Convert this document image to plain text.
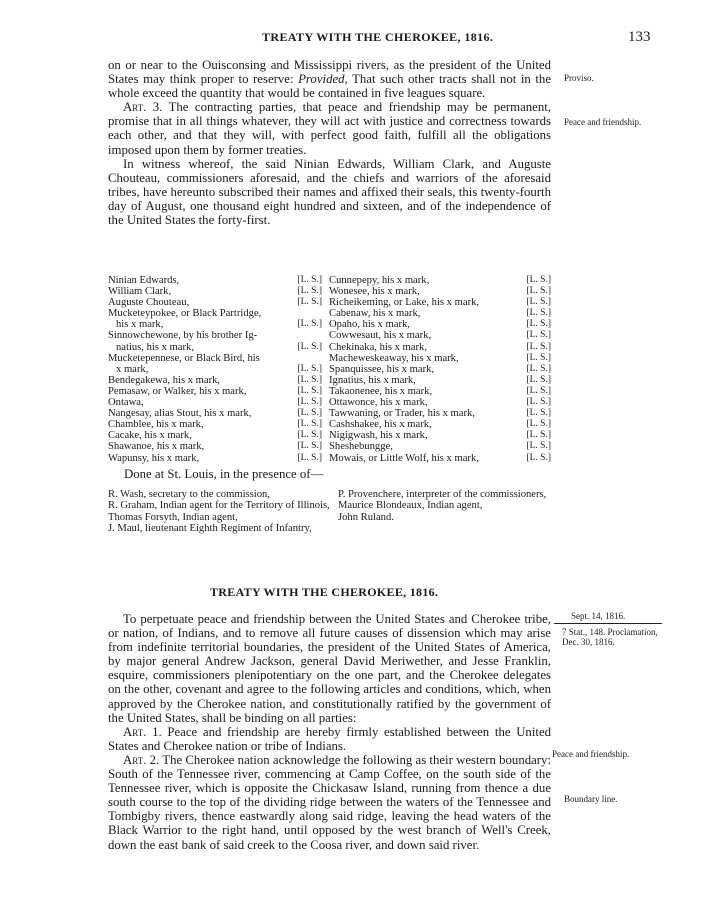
TREATY WITH THE CHEROKEE, 1816.	133

on or near to the Ouisconsing and Mississippi rivers, as the president of the United States may think proper to reserve: Provided, That such other tracts shall not in the whole exceed the quantity that would be contained in five leagues square.

Art. 3. The contracting parties, that peace and friendship may be permanent, promise that in all things whatever, they will act with justice and correctness towards each other, and that they will, with perfect good faith, fulfill all the obligations imposed upon them by former treaties.

In witness whereof, the said Ninian Edwards, William Clark, and Auguste Chouteau, commissioners aforesaid, and the chiefs and warriors of the aforesaid tribes, have hereunto subscribed their names and affixed their seals, this twenty-fourth day of August, one thousand eight hundred and sixteen, and of the independence of the United States the forty-first.

Proviso.
Peace and friendship.
Ninian Edwards,	[L. S.]
William Clark,	[L. S.]
Auguste Chouteau,	[L. S.]
Mucketeypokee, or Black Partridge,
his x mark,	[L. S.]
Sinnowchewone, by his brother Ig-
natius, his x mark,	[L. S.]
Mucketepennese, or Black Bird, his
x mark,	[L. S.]
Bendegakewa, his x mark,	[L. S.]
Pemasaw, or Walker, his x mark,	[L. S.]
Ontawa,	[L. S.]
Nangesay, alias Stout, his x mark,	[L. S.]
Chamblee, his x mark,	[L. S.]
Cacake, his x mark,	[L. S.]
Shawanoe, his x mark,	[L. S.]
Wapunsy, his x mark,	[L. S.]
Cunnepepy, his x mark,	[L. S.]
Wonesee, his x mark,	[L. S.]
Richeikeming, or Lake, his x mark,	[L. S.]
Cabenaw, his x mark,	[L. S.]
Opaho, his x mark,	[L. S.]
Cowwesaut, his x mark,	[L. S.]
Chekinaka, his x mark,	[L. S.]
Macheweskeaway, his x mark,	[L. S.]
Spanquissee, his x mark,	[L. S.]
Ignatius, his x mark,	[L. S.]
Takaonenee, his x mark,	[L. S.]
Ottawonce, his x mark,	[L. S.]
Tawwaning, or Trader, his x mark,	[L. S.]
Cashshakee, his x mark,	[L. S.]
Nigigwash, his x mark,	[L. S.]
Sheshebungge,	[L. S.]
Mowais, or Little Wolf, his x mark,	[L. S.]
Done at St. Louis, in the presence of—
R. Wash, secretary to the commission,
R. Graham, Indian agent for the Territory of Illinois,
Thomas Forsyth, Indian agent,
J. Maul, lieutenant Eighth Regiment of Infantry,
P. Provenchere, interpreter of the commissioners,
Maurice Blondeaux, Indian agent,
John Ruland.
TREATY WITH THE CHEROKEE, 1816.
Sept. 14, 1816.
7 Stat., 148. Proclamation, Dec. 30, 1816.

To perpetuate peace and friendship between the United States and Cherokee tribe, or nation, of Indians, and to remove all future causes of dissension which may arise from indefinite territorial boundaries, the president of the United States of America, by major general Andrew Jackson, general David Meriwether, and Jesse Franklin, esquire, commissioners plenipotentiary on the one part, and the Cherokee delegates on the other, covenant and agree to the following articles and conditions, which, when approved by the Cherokee nation, and constitutionally ratified by the government of the United States, shall be binding on all parties:

Art. 1. Peace and friendship are hereby firmly established between the United States and Cherokee nation or tribe of Indians.

Art. 2. The Cherokee nation acknowledge the following as their western boundary: South of the Tennessee river, commencing at Camp Coffee, on the south side of the Tennessee river, which is opposite the Chickasaw Island, running from thence a due south course to the top of the dividing ridge between the waters of the Tennessee and Tombigby rivers, thence eastwardly along said ridge, leaving the head waters of the Black Warrior to the right hand, until opposed by the west branch of Well's Creek, down the east bank of said creek to the Coosa river, and down said river.

Peace and friendship.
Boundary line.
